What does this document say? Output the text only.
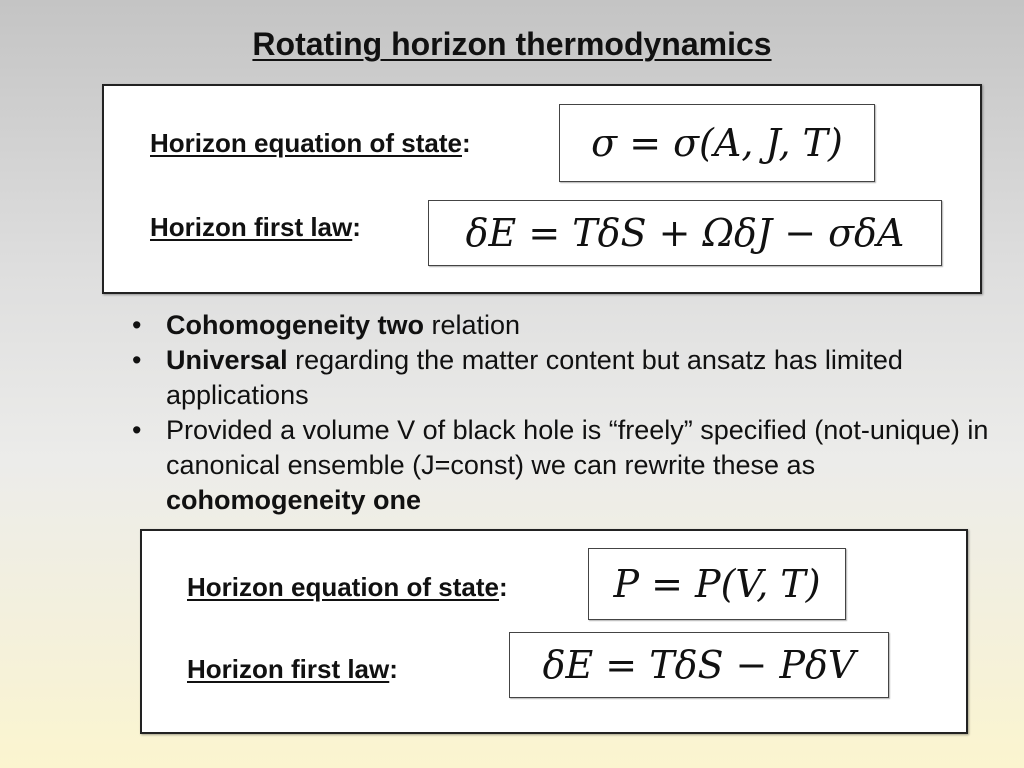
Rotating horizon thermodynamics
Horizon equation of state:	σ = σ(A, J, T)
Horizon first law:	δE = TδS + ΩδJ − σδA
• Cohomogeneity two relation
• Universal regarding the matter content but ansatz has limited applications
• Provided a volume V of black hole is “freely” specified (not-unique) in canonical ensemble (J=const) we can rewrite these as cohomogeneity one
Horizon equation of state:	P = P(V, T)
Horizon first law:	δE = TδS − PδV
